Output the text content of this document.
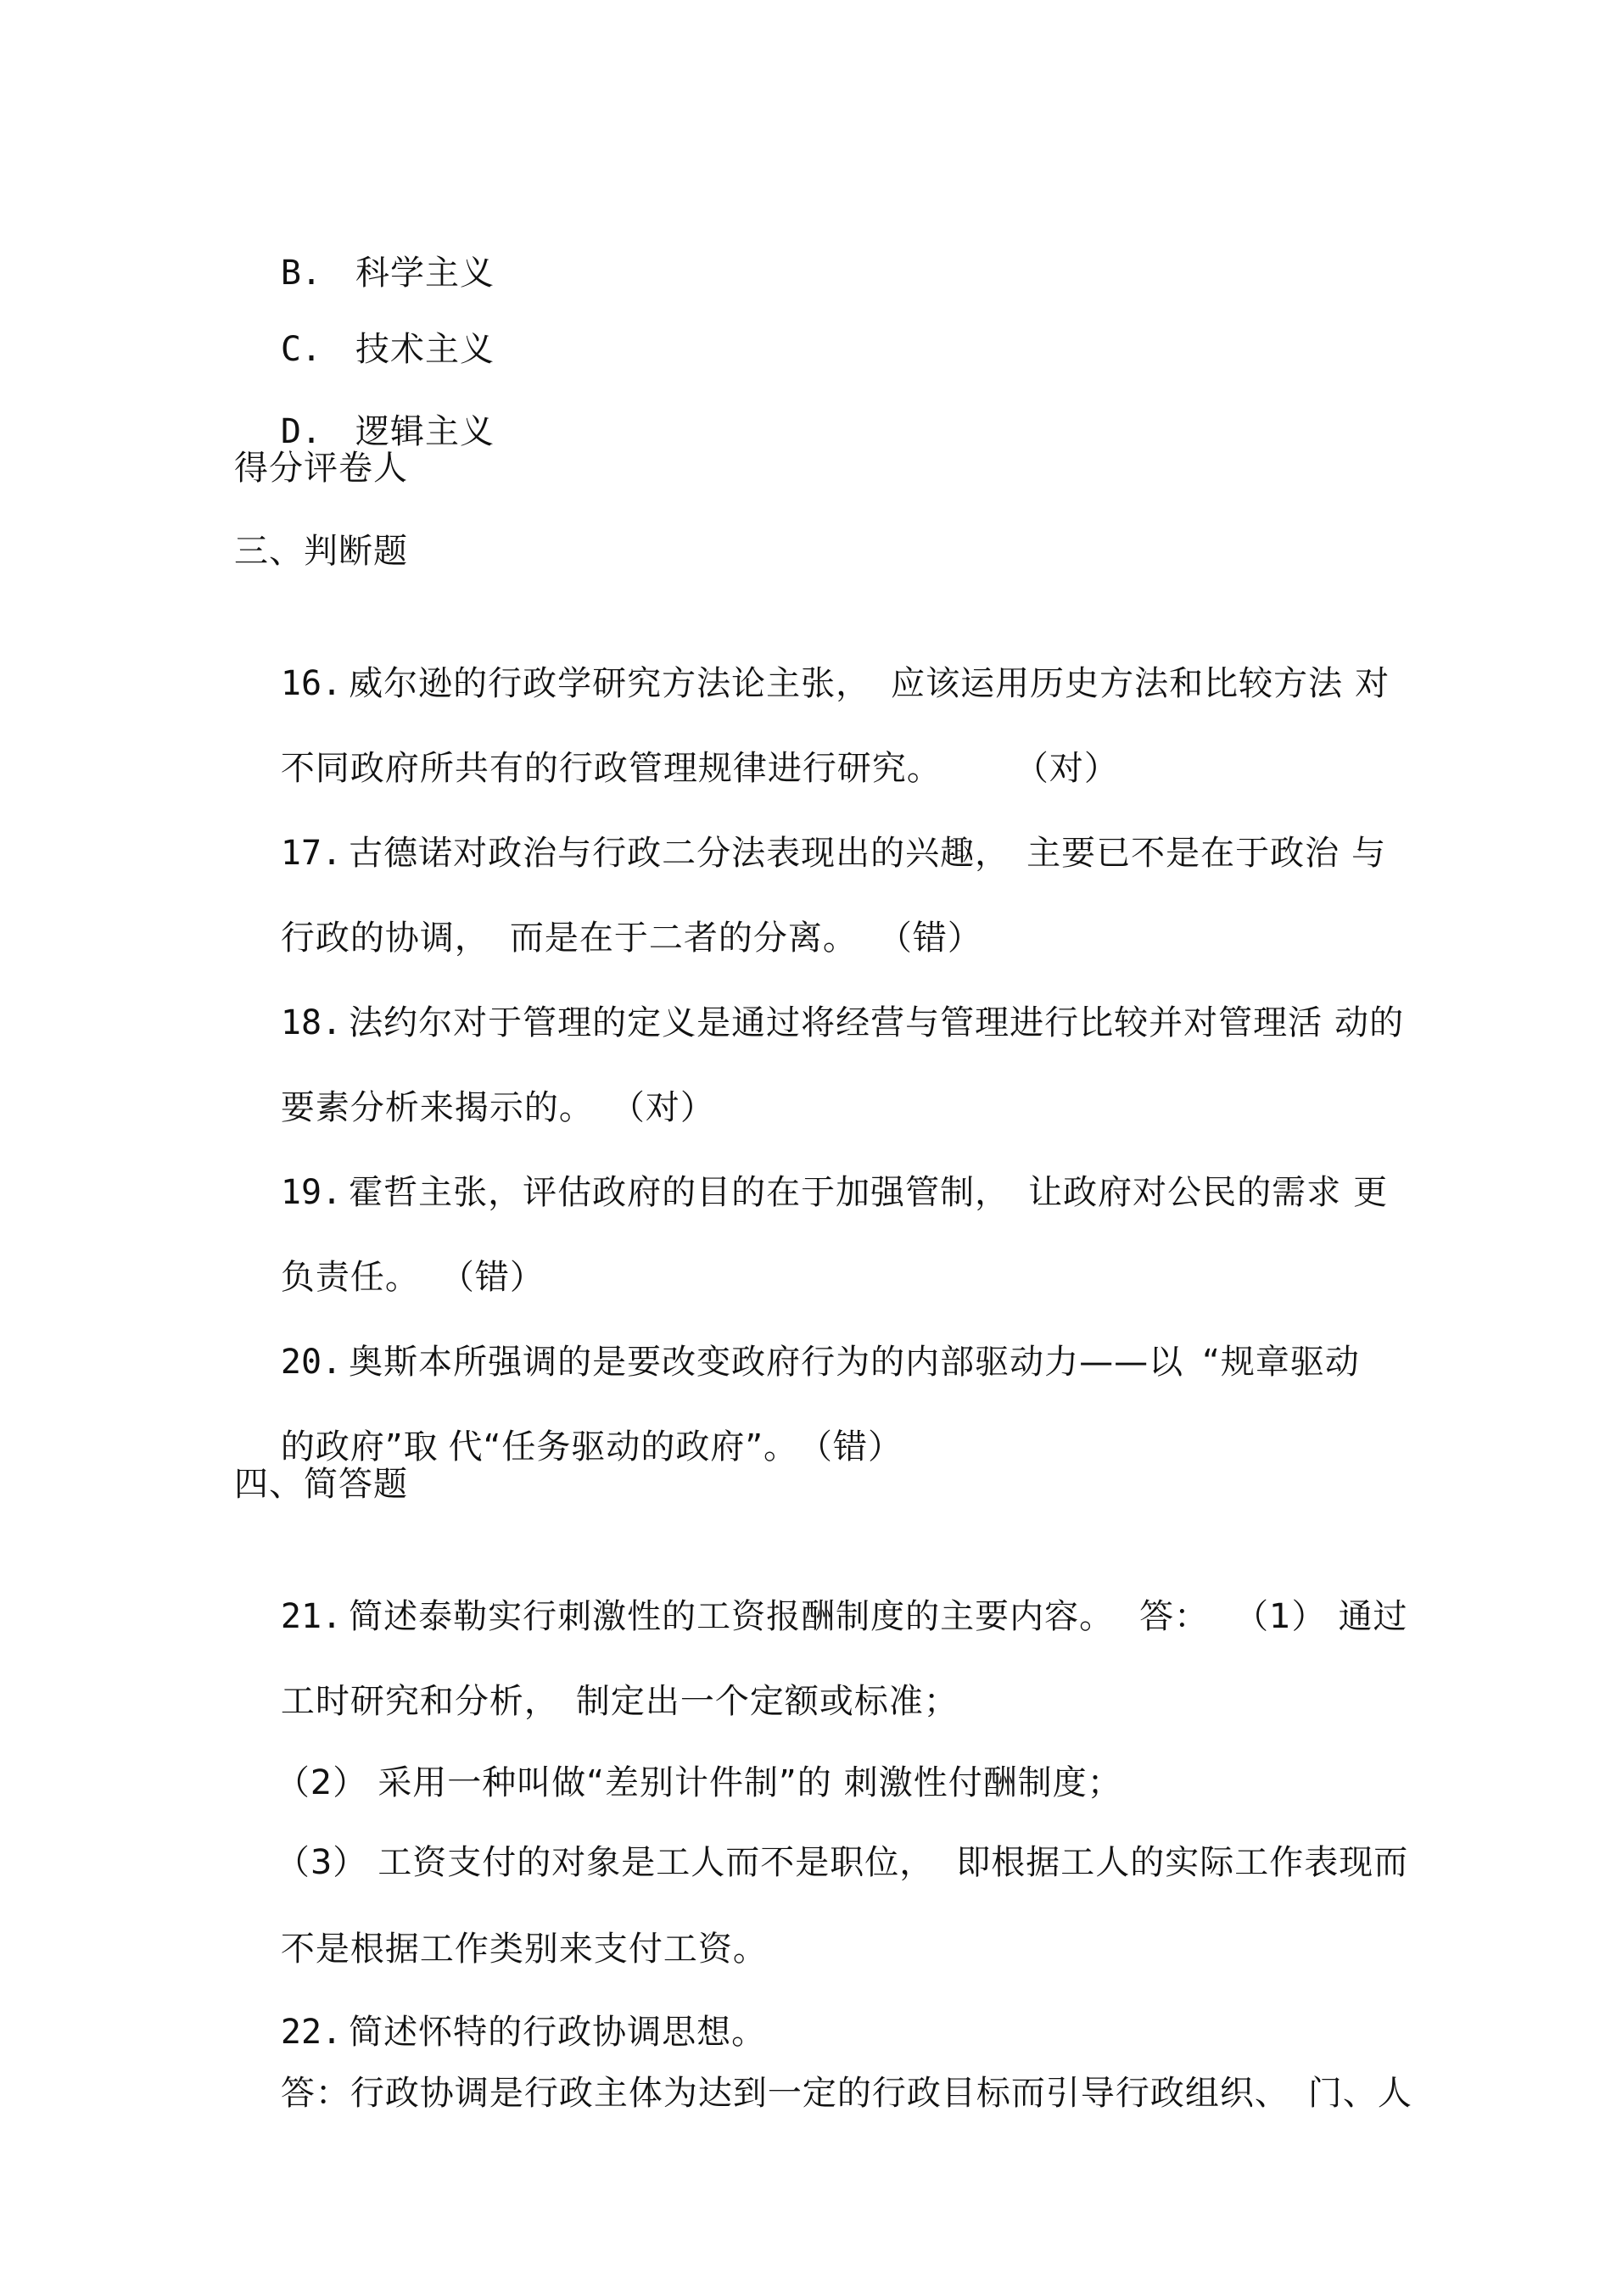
B. 科学主义

C. 技术主义

D. 逻辑主义

得分评卷人
三、判断题

16. 威尔逊的行政学研究方法论主张， 应该运用历史方法和比较方法 对

不同政府所共有的行政管理规律进行研究。 （对）

17. 古德诺对政治与行政二分法表现出的兴趣， 主要已不是在于政治 与

行政的协调， 而是在于二者的分离。 （错）

18. 法约尔对于管理的定义是通过将经营与管理进行比较并对管理活 动的

要素分析来揭示的。 （对）

19. 霍哲主张，评估政府的目的在于加强管制， 让政府对公民的需求 更

负责任。 （错）

20. 奥斯本所强调的是要改变政府行为的内部驱动力——以 “规章驱动

的政府”取 代“任务驱动的政府”。（错）

四、简答题

21. 简述泰勒实行刺激性的工资报酬制度的主要内容。 答： （1） 通过

工时研究和分析， 制定出一个定额或标准；

（2） 采用一种叫做“差别计件制”的 刺激性付酬制度；

（3） 工资支付的对象是工人而不是职位， 即根据工人的实际工作表现而

不是根据工作类别来支付工资。

22. 简述怀特的行政协调思想。

答：行政协调是行政主体为达到一定的行政目标而引导行政组织、 门、人
